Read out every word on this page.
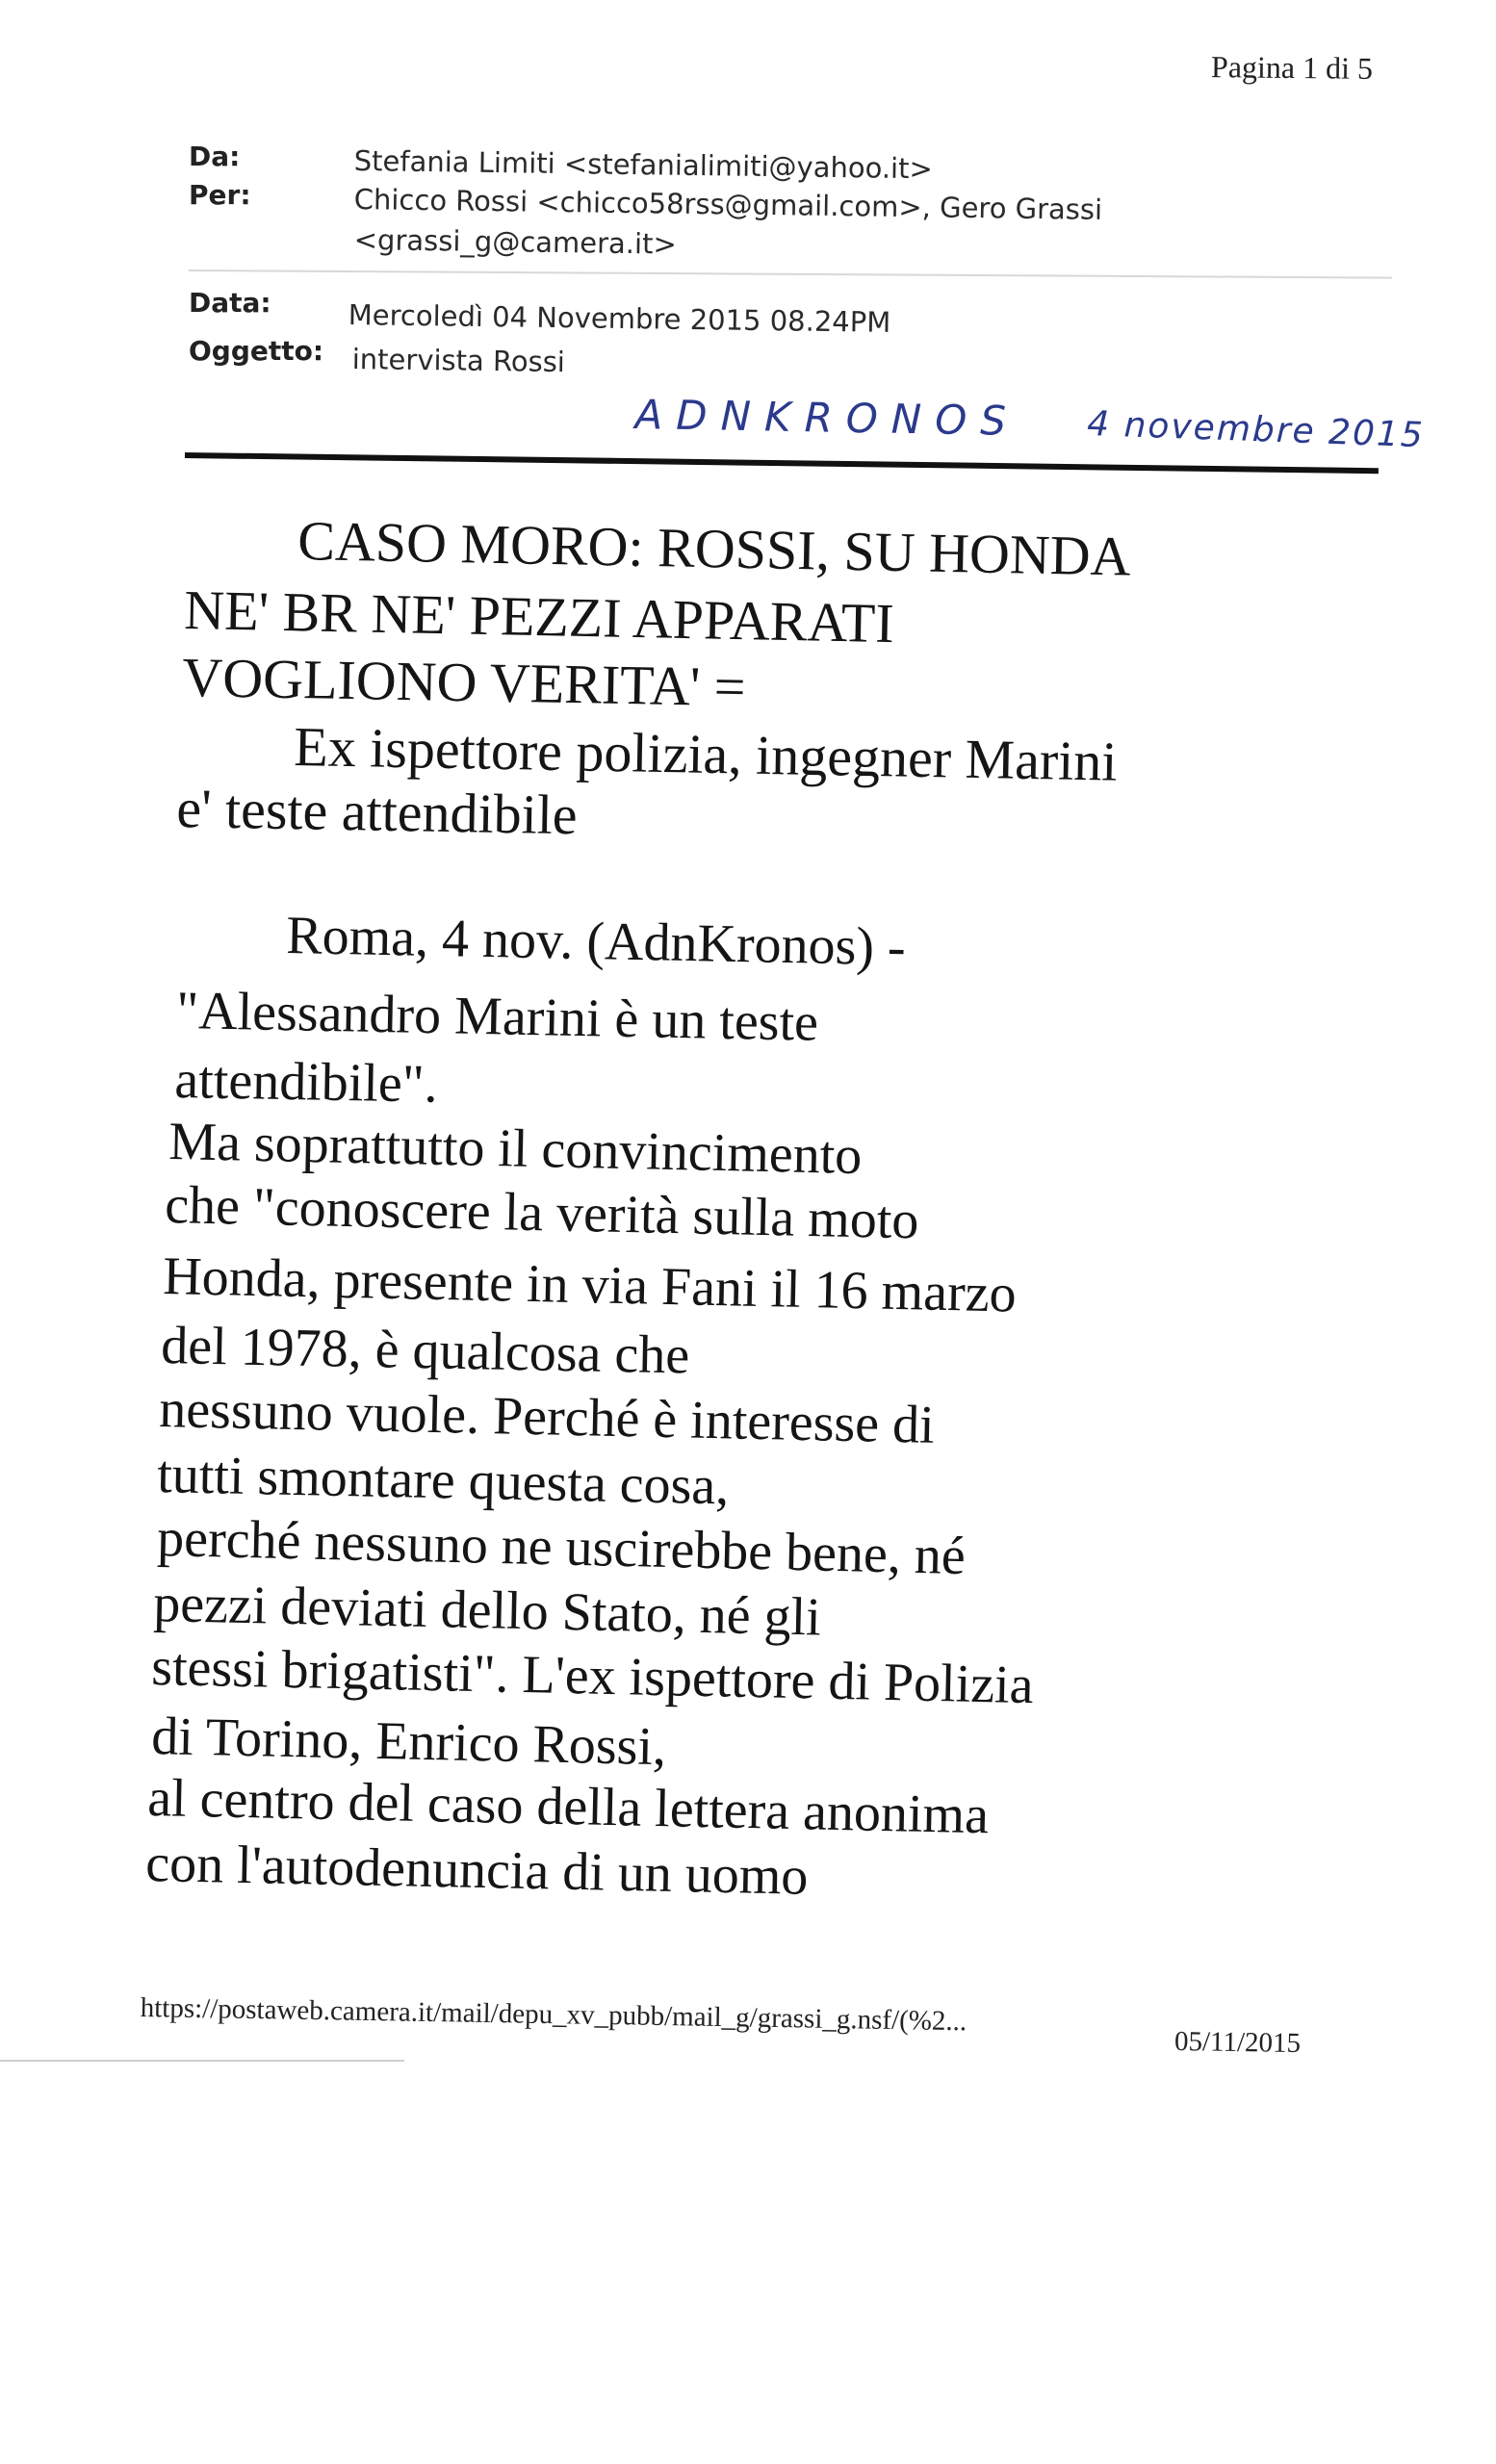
Pagina 1 di 5
Da:	Stefania Limiti <stefanialimiti@yahoo.it>
Per:	Chicco Rossi <chicco58rss@gmail.com>, Gero Grassi
<grassi_g@camera.it>
Data:	Mercoledì 04 Novembre 2015 08.24PM
Oggetto: intervista Rossi
ADNKRONOS 4 novembre 2015
CASO MORO: ROSSI, SU HONDA
NE' BR NE' PEZZI APPARATI
VOGLIONO VERITA' =
Ex ispettore polizia, ingegner Marini
e' teste attendibile
Roma, 4 nov. (AdnKronos) -
"Alessandro Marini è un teste
attendibile".
Ma soprattutto il convincimento
che "conoscere la verità sulla moto
Honda, presente in via Fani il 16 marzo
del 1978, è qualcosa che
nessuno vuole. Perché è interesse di
tutti smontare questa cosa,
perché nessuno ne uscirebbe bene, né
pezzi deviati dello Stato, né gli
stessi brigatisti". L'ex ispettore di Polizia
di Torino, Enrico Rossi,
al centro del caso della lettera anonima
con l'autodenuncia di un uomo
https://postaweb.camera.it/mail/depu_xv_pubb/mail_g/grassi_g.nsf/(%2...
05/11/2015
